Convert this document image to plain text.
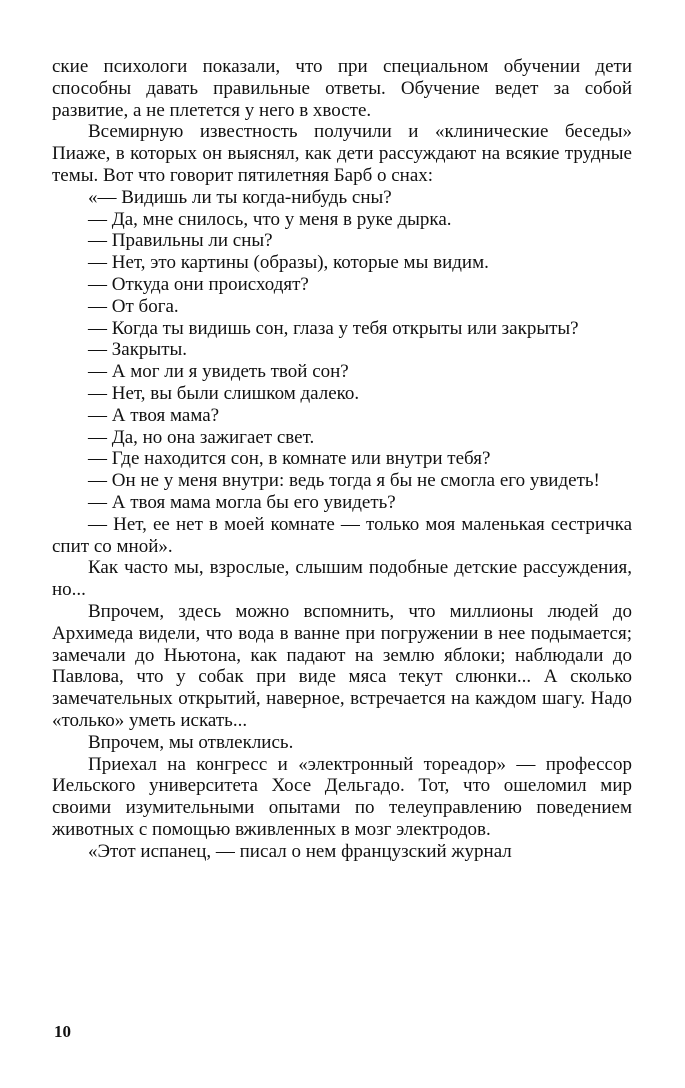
ские психологи показали, что при специальном обучении дети способны давать правильные ответы. Обучение ведет за собой развитие, а не плетется у него в хвосте.

Всемирную известность получили и «клинические беседы» Пиаже, в которых он выяснял, как дети рассуждают на всякие трудные темы. Вот что говорит пятилетняя Барб о снах:

«— Видишь ли ты когда-нибудь сны?

— Да, мне снилось, что у меня в руке дырка.

— Правильны ли сны?

— Нет, это картины (образы), которые мы видим.

— Откуда они происходят?

— От бога.

— Когда ты видишь сон, глаза у тебя открыты или закрыты?

— Закрыты.

— А мог ли я увидеть твой сон?

— Нет, вы были слишком далеко.

— А твоя мама?

— Да, но она зажигает свет.

— Где находится сон, в комнате или внутри тебя?

— Он не у меня внутри: ведь тогда я бы не смогла его увидеть!

— А твоя мама могла бы его увидеть?

— Нет, ее нет в моей комнате — только моя маленькая сестричка спит со мной».

Как часто мы, взрослые, слышим подобные детские рассуждения, но...

Впрочем, здесь можно вспомнить, что миллионы людей до Архимеда видели, что вода в ванне при погружении в нее подымается; замечали до Ньютона, как падают на землю яблоки; наблюдали до Павлова, что у собак при виде мяса текут слюнки... А сколько замечательных открытий, наверное, встречается на каждом шагу. Надо «только» уметь искать...

Впрочем, мы отвлеклись.

Приехал на конгресс и «электронный тореадор» — профессор Иельского университета Хосе Дельгадо. Тот, что ошеломил мир своими изумительными опытами по телеуправлению поведением животных с помощью вживленных в мозг электродов.

«Этот испанец, — писал о нем французский журнал

10
